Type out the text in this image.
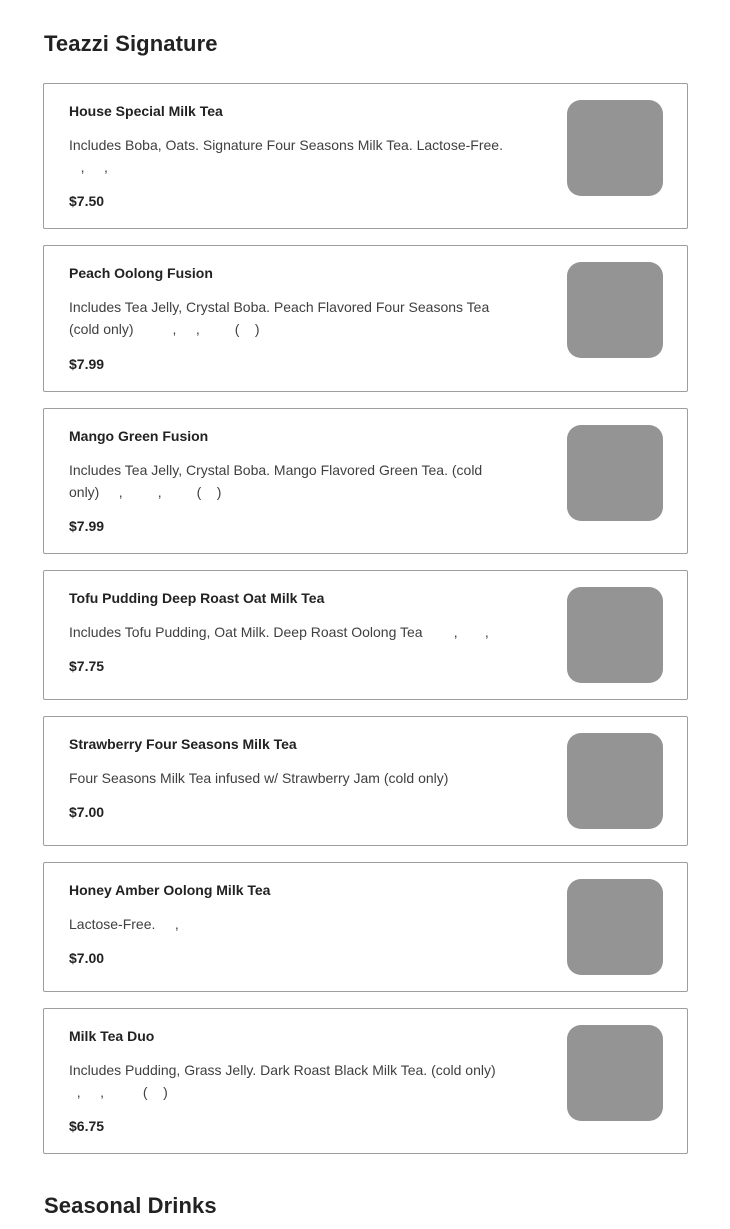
Teazzi Signature
House Special Milk Tea
Includes Boba, Oats. Signature Four Seasons Milk Tea. Lactose-Free.
,     ,
$7.50
Peach Oolong Fusion
Includes Tea Jelly, Crystal Boba. Peach Flavored Four Seasons Tea
(cold only)          ,     ,         (    )
$7.99
Mango Green Fusion
Includes Tea Jelly, Crystal Boba. Mango Flavored Green Tea. (cold
only)     ,         ,         (    )
$7.99
Tofu Pudding Deep Roast Oat Milk Tea
Includes Tofu Pudding, Oat Milk. Deep Roast Oolong Tea        ,       ,
$7.75
Strawberry Four Seasons Milk Tea
Four Seasons Milk Tea infused w/ Strawberry Jam (cold only)
$7.00
Honey Amber Oolong Milk Tea
Lactose-Free.     ,
$7.00
Milk Tea Duo
Includes Pudding, Grass Jelly. Dark Roast Black Milk Tea. (cold only)
,     ,          (    )
$6.75
Seasonal Drinks
